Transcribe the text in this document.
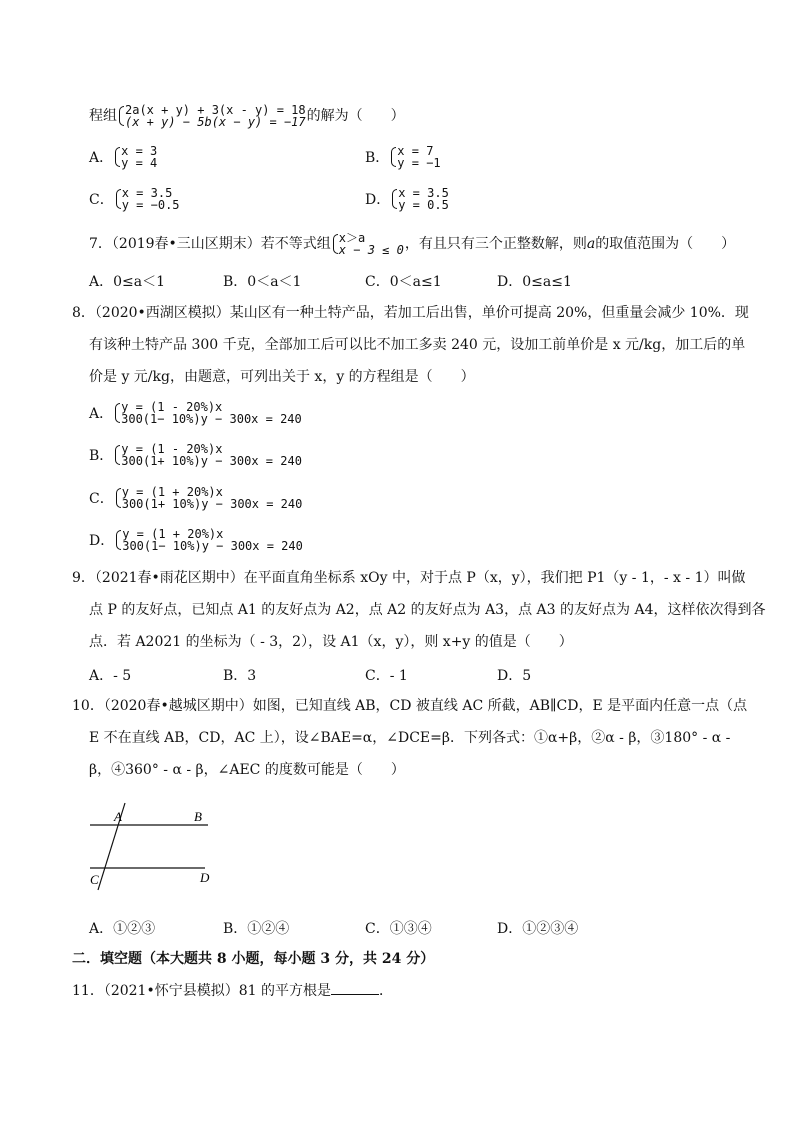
程组 2a(x + y) + 3(x - y) = 18
(x + y) − 5b(x − y) = −17 的解为（　　）
A． x = 3
y = 4	B． x = 7
y = −1
C． x = 3.5
y = −0.5	D． x = 3.5
y = 0.5
7．（2019春•三山区期末）若不等式组 x＞a
x − 3 ≤ 0 ，有且只有三个正整数解，则a的取值范围为（　　）
A．0≤a＜1	B．0＜a＜1	C．0＜a≤1	D．0≤a≤1
8．（2020•西湖区模拟）某山区有一种土特产品，若加工后出售，单价可提高 20%，但重量会减少 10%．现
有该种土特产品 300 千克，全部加工后可以比不加工多卖 240 元，设加工前单价是 x 元/kg，加工后的单
价是 y 元/kg，由题意，可列出关于 x，y 的方程组是（　　）
A． y = (1 - 20%)x
300(1− 10%)y − 300x = 240
B． y = (1 - 20%)x
300(1+ 10%)y − 300x = 240
C． y = (1 + 20%)x
300(1+ 10%)y − 300x = 240
D． y = (1 + 20%)x
300(1− 10%)y − 300x = 240
9．（2021春•雨花区期中）在平面直角坐标系 xOy 中，对于点 P（x，y），我们把 P1（y - 1，- x - 1）叫做
点 P 的友好点，已知点 A1 的友好点为 A2，点 A2 的友好点为 A3，点 A3 的友好点为 A4，这样依次得到各
点．若 A2021 的坐标为（ - 3，2），设 A1（x，y），则 x+y 的值是（　　）
A．- 5	B．3	C．- 1	D．5
10．（2020春•越城区期中）如图，已知直线 AB，CD 被直线 AC 所截，AB∥CD，E 是平面内任意一点（点
E 不在直线 AB，CD，AC 上），设∠BAE=α，∠DCE=β．下列各式：①α+β，②α - β，③180° - α -
β，④360° - α - β，∠AEC 的度数可能是（　　）
A	B
C	D
A．①②③	B．①②④	C．①③④	D．①②③④
二．填空题（本大题共 8 小题，每小题 3 分，共 24 分）
11．（2021•怀宁县模拟）81 的平方根是	．
